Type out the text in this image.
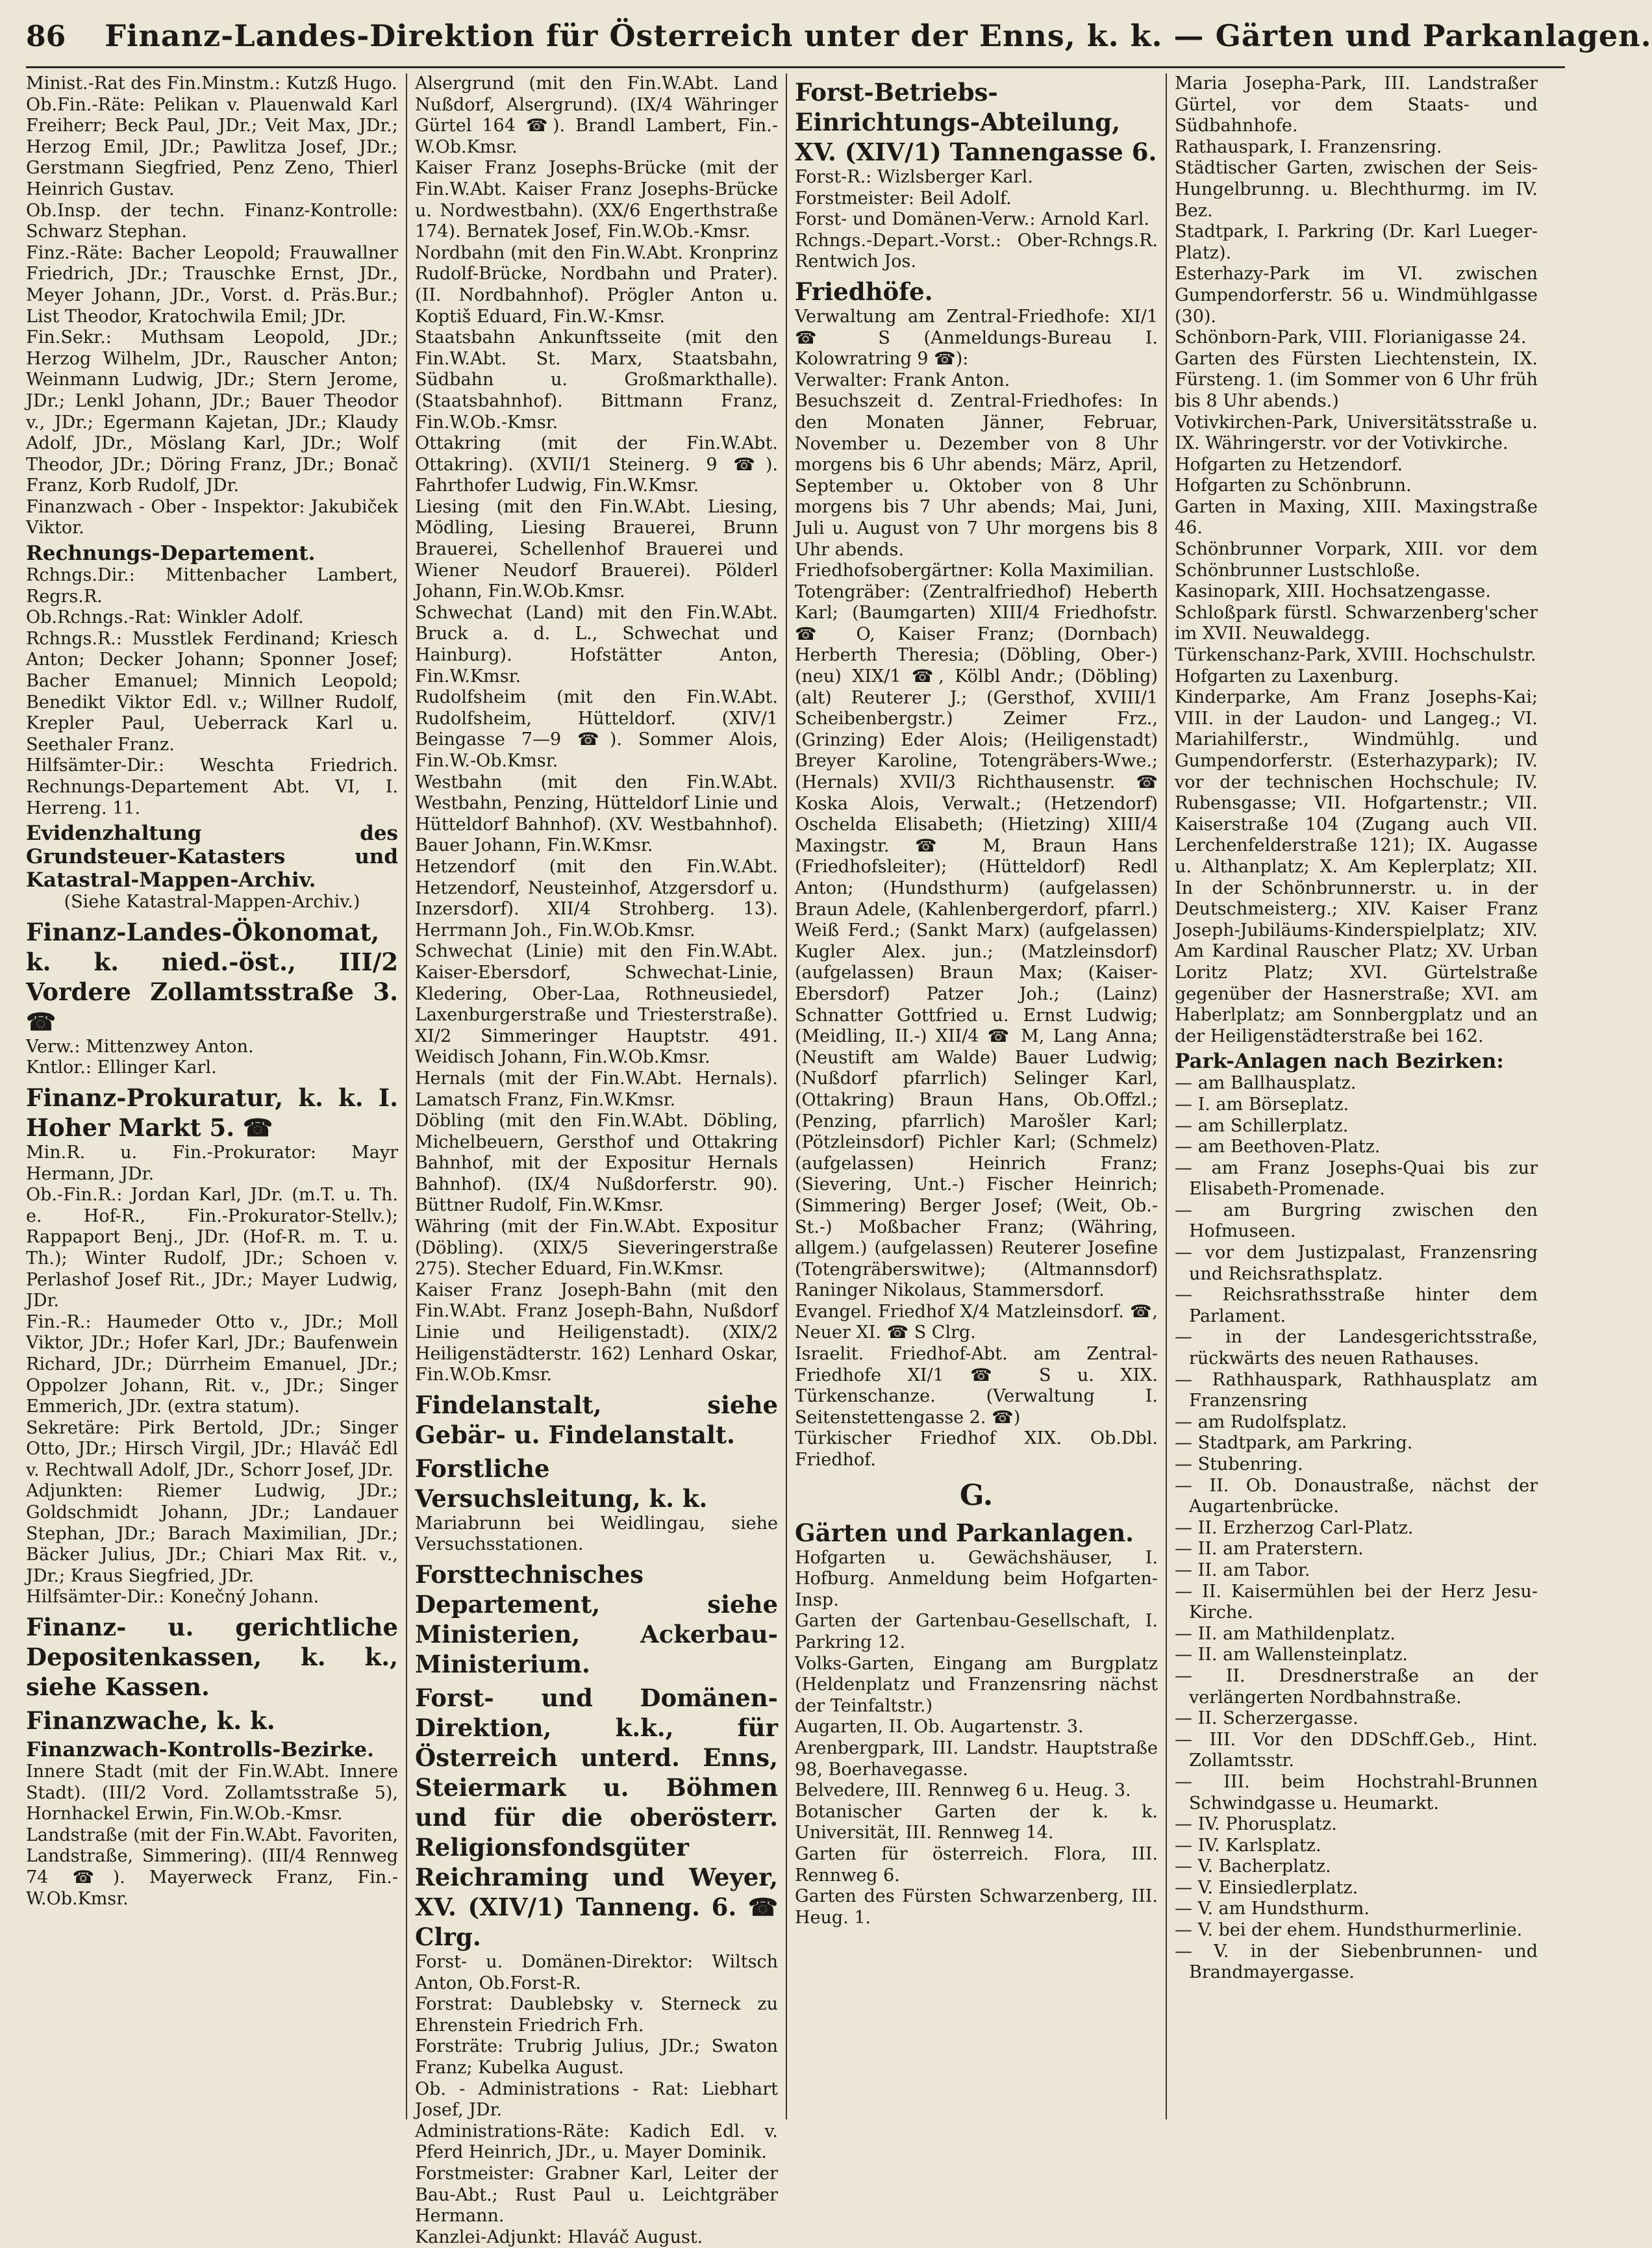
86 Finanz-Landes-Direktion für Österreich unter der Enns, k. k. — Gärten und Parkanlagen.

Minist.-Rat des Fin.Minstm.: Kutzß Hugo.

Ob.Fin.-Räte: Pelikan v. Plauenwald Karl Freiherr; Beck Paul, JDr.; Veit Max, JDr.; Herzog Emil, JDr.; Pawlitza Josef, JDr.; Gerstmann Siegfried, Penz Zeno, Thierl Heinrich Gustav.

Ob.Insp. der techn. Finanz-Kontrolle: Schwarz Stephan.

Finz.-Räte: Bacher Leopold; Frauwallner Friedrich, JDr.; Trauschke Ernst, JDr., Meyer Johann, JDr., Vorst. d. Präs.Bur.; List Theodor, Kratochwila Emil; JDr.

Fin.Sekr.: Muthsam Leopold, JDr.; Herzog Wilhelm, JDr., Rauscher Anton; Weinmann Ludwig, JDr.; Stern Jerome, JDr.; Lenkl Johann, JDr.; Bauer Theodor v., JDr.; Egermann Kajetan, JDr.; Klaudy Adolf, JDr., Möslang Karl, JDr.; Wolf Theodor, JDr.; Döring Franz, JDr.; Bonač Franz, Korb Rudolf, JDr.

Finanzwach - Ober - Inspektor: Jakubiček Viktor.

Rechnungs-Departement.

Rchngs.Dir.: Mittenbacher Lambert, Regrs.R.

Ob.Rchngs.-Rat: Winkler Adolf.

Rchngs.R.: Musstlek Ferdinand; Kriesch Anton; Decker Johann; Sponner Josef; Bacher Emanuel; Minnich Leopold; Benedikt Viktor Edl. v.; Willner Rudolf, Krepler Paul, Ueberrack Karl u. Seethaler Franz.

Hilfsämter-Dir.: Weschta Friedrich. Rechnungs-Departement Abt. VI, I. Herreng. 11.

Evidenzhaltung des Grundsteuer-Katasters und Katastral-Mappen-Archiv.

(Siehe Katastral-Mappen-Archiv.)

Finanz-Landes-Ökonomat, k. k. nied.-öst., III/2 Vordere Zollamtsstraße 3. ☎

Verw.: Mittenzwey Anton.

Kntlor.: Ellinger Karl.

Finanz-Prokuratur, k. k. I. Hoher Markt 5. ☎

Min.R. u. Fin.-Prokurator: Mayr Hermann, JDr.

Ob.-Fin.R.: Jordan Karl, JDr. (m.T. u. Th. e. Hof-R., Fin.-Prokurator-Stellv.); Rappaport Benj., JDr. (Hof-R. m. T. u. Th.); Winter Rudolf, JDr.; Schoen v. Perlashof Josef Rit., JDr.; Mayer Ludwig, JDr.

Fin.-R.: Haumeder Otto v., JDr.; Moll Viktor, JDr.; Hofer Karl, JDr.; Baufenwein Richard, JDr.; Dürrheim Emanuel, JDr.; Oppolzer Johann, Rit. v., JDr.; Singer Emmerich, JDr. (extra statum).

Sekretäre: Pirk Bertold, JDr.; Singer Otto, JDr.; Hirsch Virgil, JDr.; Hlaváč Edl v. Rechtwall Adolf, JDr., Schorr Josef, JDr.

Adjunkten: Riemer Ludwig, JDr.; Goldschmidt Johann, JDr.; Landauer Stephan, JDr.; Barach Maximilian, JDr.; Bäcker Julius, JDr.; Chiari Max Rit. v., JDr.; Kraus Siegfried, JDr.

Hilfsämter-Dir.: Konečný Johann.

Finanz- u. gerichtliche Depositenkassen, k. k., siehe Kassen.

Finanzwache, k. k.

Finanzwach-Kontrolls-Bezirke.

Innere Stadt (mit der Fin.W.Abt. Innere Stadt). (III/2 Vord. Zollamtsstraße 5), Hornhackel Erwin, Fin.W.Ob.-Kmsr.

Landstraße (mit der Fin.W.Abt. Favoriten, Landstraße, Simmering). (III/4 Rennweg 74 ☎). Mayerweck Franz, Fin.-W.Ob.Kmsr.

Alsergrund (mit den Fin.W.Abt. Land Nußdorf, Alsergrund). (IX/4 Währinger Gürtel 164 ☎). Brandl Lambert, Fin.-W.Ob.Kmsr.

Kaiser Franz Josephs-Brücke (mit der Fin.W.Abt. Kaiser Franz Josephs-Brücke u. Nordwestbahn). (XX/6 Engerthstraße 174). Bernatek Josef, Fin.W.Ob.-Kmsr.

Nordbahn (mit den Fin.W.Abt. Kronprinz Rudolf-Brücke, Nordbahn und Prater). (II. Nordbahnhof). Prögler Anton u. Koptiš Eduard, Fin.W.-Kmsr.

Staatsbahn Ankunftsseite (mit den Fin.W.Abt. St. Marx, Staatsbahn, Südbahn u. Großmarkthalle). (Staatsbahnhof). Bittmann Franz, Fin.W.Ob.-Kmsr.

Ottakring (mit der Fin.W.Abt. Ottakring). (XVII/1 Steinerg. 9 ☎). Fahrthofer Ludwig, Fin.W.Kmsr.

Liesing (mit den Fin.W.Abt. Liesing, Mödling, Liesing Brauerei, Brunn Brauerei, Schellenhof Brauerei und Wiener Neudorf Brauerei). Pölderl Johann, Fin.W.Ob.Kmsr.

Schwechat (Land) mit den Fin.W.Abt. Bruck a. d. L., Schwechat und Hainburg). Hofstätter Anton, Fin.W.Kmsr.

Rudolfsheim (mit den Fin.W.Abt. Rudolfsheim, Hütteldorf. (XIV/1 Beingasse 7—9 ☎). Sommer Alois, Fin.W.-Ob.Kmsr.

Westbahn (mit den Fin.W.Abt. Westbahn, Penzing, Hütteldorf Linie und Hütteldorf Bahnhof). (XV. Westbahnhof). Bauer Johann, Fin.W.Kmsr.

Hetzendorf (mit den Fin.W.Abt. Hetzendorf, Neusteinhof, Atzgersdorf u. Inzersdorf). XII/4 Strohberg. 13). Herrmann Joh., Fin.W.Ob.Kmsr.

Schwechat (Linie) mit den Fin.W.Abt. Kaiser-Ebersdorf, Schwechat-Linie, Kledering, Ober-Laa, Rothneusiedel, Laxenburgerstraße und Triesterstraße). XI/2 Simmeringer Hauptstr. 491. Weidisch Johann, Fin.W.Ob.Kmsr.

Hernals (mit der Fin.W.Abt. Hernals). Lamatsch Franz, Fin.W.Kmsr.

Döbling (mit den Fin.W.Abt. Döbling, Michelbeuern, Gersthof und Ottakring Bahnhof, mit der Expositur Hernals Bahnhof). (IX/4 Nußdorferstr. 90). Büttner Rudolf, Fin.W.Kmsr.

Währing (mit der Fin.W.Abt. Expositur (Döbling). (XIX/5 Sieveringerstraße 275). Stecher Eduard, Fin.W.Kmsr.

Kaiser Franz Joseph-Bahn (mit den Fin.W.Abt. Franz Joseph-Bahn, Nußdorf Linie und Heiligenstadt). (XIX/2 Heiligenstädterstr. 162) Lenhard Oskar, Fin.W.Ob.Kmsr.

Findelanstalt, siehe Gebär- u. Findelanstalt.

Forstliche Versuchsleitung, k. k.

Mariabrunn bei Weidlingau, siehe Versuchsstationen.

Forsttechnisches Departement, siehe Ministerien, Ackerbau-Ministerium.

Forst- und Domänen-Direktion, k.k., für Österreich unterd. Enns, Steiermark u. Böhmen und für die oberösterr. Religionsfondsgüter Reichraming und Weyer, XV. (XIV/1) Tanneng. 6. ☎ Clrg.

Forst- u. Domänen-Direktor: Wiltsch Anton, Ob.Forst-R.

Forstrat: Daublebsky v. Sterneck zu Ehrenstein Friedrich Frh.

Forsträte: Trubrig Julius, JDr.; Swaton Franz; Kubelka August.

Ob. - Administrations - Rat: Liebhart Josef, JDr.

Administrations-Räte: Kadich Edl. v. Pferd Heinrich, JDr., u. Mayer Dominik.

Forstmeister: Grabner Karl, Leiter der Bau-Abt.; Rust Paul u. Leichtgräber Hermann.

Kanzlei-Adjunkt: Hlaváč August.

Forst-Betriebs-Einrichtungs-Abteilung, XV. (XIV/1) Tannengasse 6.

Forst-R.: Wizlsberger Karl.

Forstmeister: Beil Adolf.

Forst- und Domänen-Verw.: Arnold Karl.

Rchngs.-Depart.-Vorst.: Ober-Rchngs.R. Rentwich Jos.

Friedhöfe.

Verwaltung am Zentral-Friedhofe: XI/1 ☎ S (Anmeldungs-Bureau I. Kolowratring 9 ☎):

Verwalter: Frank Anton.

Besuchszeit d. Zentral-Friedhofes: In den Monaten Jänner, Februar, November u. Dezember von 8 Uhr morgens bis 6 Uhr abends; März, April, September u. Oktober von 8 Uhr morgens bis 7 Uhr abends; Mai, Juni, Juli u. August von 7 Uhr morgens bis 8 Uhr abends.

Friedhofsobergärtner: Kolla Maximilian.

Totengräber: (Zentralfriedhof) Heberth Karl; (Baumgarten) XIII/4 Friedhofstr. ☎ O, Kaiser Franz; (Dornbach) Herberth Theresia; (Döbling, Ober-) (neu) XIX/1 ☎, Kölbl Andr.; (Döbling) (alt) Reuterer J.; (Gersthof, XVIII/1 Scheibenbergstr.) Zeimer Frz., (Grinzing) Eder Alois; (Heiligenstadt) Breyer Karoline, Totengräbers-Wwe.; (Hernals) XVII/3 Richthausenstr. ☎ Koska Alois, Verwalt.; (Hetzendorf) Oschelda Elisabeth; (Hietzing) XIII/4 Maxingstr. ☎ M, Braun Hans (Friedhofsleiter); (Hütteldorf) Redl Anton; (Hundsthurm) (aufgelassen) Braun Adele, (Kahlenbergerdorf, pfarrl.) Weiß Ferd.; (Sankt Marx) (aufgelassen) Kugler Alex. jun.; (Matzleinsdorf) (aufgelassen) Braun Max; (Kaiser-Ebersdorf) Patzer Joh.; (Lainz) Schnatter Gottfried u. Ernst Ludwig; (Meidling, II.-) XII/4 ☎ M, Lang Anna; (Neustift am Walde) Bauer Ludwig; (Nußdorf pfarrlich) Selinger Karl, (Ottakring) Braun Hans, Ob.Offzl.; (Penzing, pfarrlich) Marošler Karl; (Pötzleinsdorf) Pichler Karl; (Schmelz) (aufgelassen) Heinrich Franz; (Sievering, Unt.-) Fischer Heinrich; (Simmering) Berger Josef; (Weit, Ob.-St.-) Moßbacher Franz; (Währing, allgem.) (aufgelassen) Reuterer Josefine (Totengräberswitwe); (Altmannsdorf) Raninger Nikolaus, Stammersdorf.

Evangel. Friedhof X/4 Matzleinsdorf. ☎, Neuer XI. ☎ S Clrg.

Israelit. Friedhof-Abt. am Zentral-Friedhofe XI/1 ☎ S u. XIX. Türkenschanze. (Verwaltung I. Seitenstettengasse 2. ☎)

Türkischer Friedhof XIX. Ob.Dbl. Friedhof.

G.

Gärten und Parkanlagen.

Hofgarten u. Gewächshäuser, I. Hofburg. Anmeldung beim Hofgarten-Insp.

Garten der Gartenbau-Gesellschaft, I. Parkring 12.

Volks-Garten, Eingang am Burgplatz (Heldenplatz und Franzensring nächst der Teinfaltstr.)

Augarten, II. Ob. Augartenstr. 3.

Arenbergpark, III. Landstr. Hauptstraße 98, Boerhavegasse.

Belvedere, III. Rennweg 6 u. Heug. 3.

Botanischer Garten der k. k. Universität, III. Rennweg 14.

Garten für österreich. Flora, III. Rennweg 6.

Garten des Fürsten Schwarzenberg, III. Heug. 1.

Maria Josepha-Park, III. Landstraßer Gürtel, vor dem Staats- und Südbahnhofe.

Rathauspark, I. Franzensring.

Städtischer Garten, zwischen der Seis-Hungelbrunng. u. Blechthurmg. im IV. Bez.

Stadtpark, I. Parkring (Dr. Karl Lueger-Platz).

Esterhazy-Park im VI. zwischen Gumpendorferstr. 56 u. Windmühlgasse (30).

Schönborn-Park, VIII. Florianigasse 24.

Garten des Fürsten Liechtenstein, IX. Fürsteng. 1. (im Sommer von 6 Uhr früh bis 8 Uhr abends.)

Votivkirchen-Park, Universitätsstraße u. IX. Währingerstr. vor der Votivkirche.

Hofgarten zu Hetzendorf.

Hofgarten zu Schönbrunn.

Garten in Maxing, XIII. Maxingstraße 46.

Schönbrunner Vorpark, XIII. vor dem Schönbrunner Lustschloße.

Kasinopark, XIII. Hochsatzengasse.

Schloßpark fürstl. Schwarzenberg'scher im XVII. Neuwaldegg.

Türkenschanz-Park, XVIII. Hochschulstr.

Hofgarten zu Laxenburg.

Kinderparke, Am Franz Josephs-Kai; VIII. in der Laudon- und Langeg.; VI. Mariahilferstr., Windmühlg. und Gumpendorferstr. (Esterhazypark); IV. vor der technischen Hochschule; IV. Rubensgasse; VII. Hofgartenstr.; VII. Kaiserstraße 104 (Zugang auch VII. Lerchenfelderstraße 121); IX. Augasse u. Althanplatz; X. Am Keplerplatz; XII. In der Schönbrunnerstr. u. in der Deutschmeisterg.; XIV. Kaiser Franz Joseph-Jubiläums-Kinderspielplatz; XIV. Am Kardinal Rauscher Platz; XV. Urban Loritz Platz; XVI. Gürtelstraße gegenüber der Hasnerstraße; XVI. am Haberlplatz; am Sonnbergplatz und an der Heiligenstädterstraße bei 162.

Park-Anlagen nach Bezirken:

— am Ballhausplatz.

— I. am Börseplatz.

— am Schillerplatz.

— am Beethoven-Platz.

— am Franz Josephs-Quai bis zur Elisabeth-Promenade.

— am Burgring zwischen den Hofmuseen.

— vor dem Justizpalast, Franzensring und Reichsrathsplatz.

— Reichsrathsstraße hinter dem Parlament.

— in der Landesgerichtsstraße, rückwärts des neuen Rathauses.

— Rathhauspark, Rathhausplatz am Franzensring

— am Rudolfsplatz.

— Stadtpark, am Parkring.

— Stubenring.

— II. Ob. Donaustraße, nächst der Augartenbrücke.

— II. Erzherzog Carl-Platz.

— II. am Praterstern.

— II. am Tabor.

— II. Kaisermühlen bei der Herz Jesu-Kirche.

— II. am Mathildenplatz.

— II. am Wallensteinplatz.

— II. Dresdnerstraße an der verlängerten Nordbahnstraße.

— II. Scherzergasse.

— III. Vor den DDSchff.Geb., Hint. Zollamtsstr.

— III. beim Hochstrahl-Brunnen Schwindgasse u. Heumarkt.

— IV. Phorusplatz.

— IV. Karlsplatz.

— V. Bacherplatz.

— V. Einsiedlerplatz.

— V. am Hundsthurm.

— V. bei der ehem. Hundsthurmerlinie.

— V. in der Siebenbrunnen- und Brandmayergasse.
